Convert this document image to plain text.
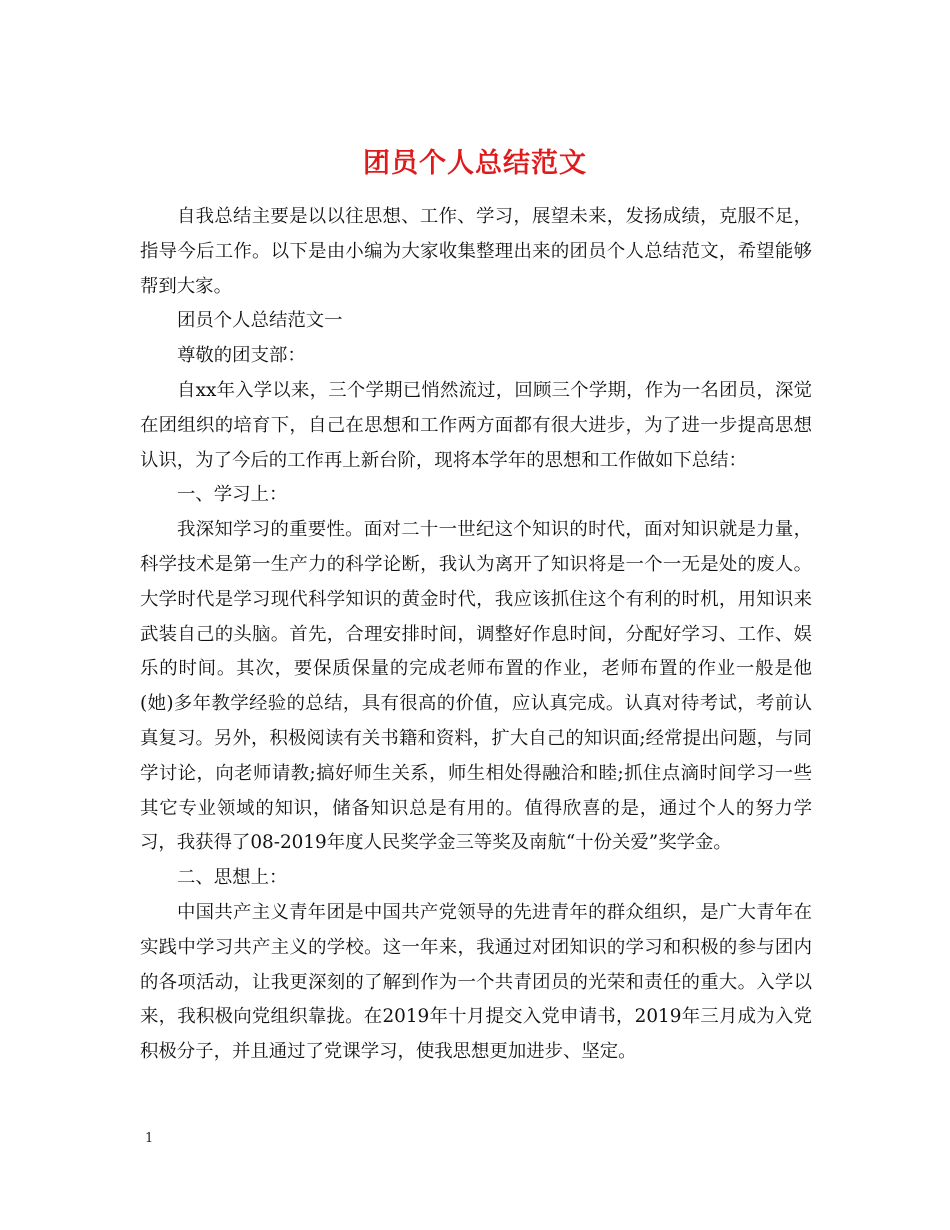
团员个人总结范文

自我总结主要是以以往思想、工作、学习，展望未来，发扬成绩，克服不足，指导今后工作。以下是由小编为大家收集整理出来的团员个人总结范文，希望能够帮到大家。

团员个人总结范文一

尊敬的团支部：

自xx年入学以来，三个学期已悄然流过，回顾三个学期，作为一名团员，深觉在团组织的培育下，自己在思想和工作两方面都有很大进步，为了进一步提高思想认识，为了今后的工作再上新台阶，现将本学年的思想和工作做如下总结：

一、学习上：

我深知学习的重要性。面对二十一世纪这个知识的时代，面对知识就是力量，科学技术是第一生产力的科学论断，我认为离开了知识将是一个一无是处的废人。大学时代是学习现代科学知识的黄金时代，我应该抓住这个有利的时机，用知识来武装自己的头脑。首先，合理安排时间，调整好作息时间，分配好学习、工作、娱乐的时间。其次，要保质保量的完成老师布置的作业，老师布置的作业一般是他(她)多年教学经验的总结，具有很高的价值，应认真完成。认真对待考试，考前认真复习。另外，积极阅读有关书籍和资料，扩大自己的知识面;经常提出问题，与同学讨论，向老师请教;搞好师生关系，师生相处得融洽和睦;抓住点滴时间学习一些其它专业领域的知识，储备知识总是有用的。值得欣喜的是，通过个人的努力学习，我获得了08-2019年度人民奖学金三等奖及南航“十份关爱”奖学金。

二、思想上：

中国共产主义青年团是中国共产党领导的先进青年的群众组织，是广大青年在实践中学习共产主义的学校。这一年来，我通过对团知识的学习和积极的参与团内的各项活动，让我更深刻的了解到作为一个共青团员的光荣和责任的重大。入学以来，我积极向党组织靠拢。在2019年十月提交入党申请书，2019年三月成为入党积极分子，并且通过了党课学习，使我思想更加进步、坚定。

1
